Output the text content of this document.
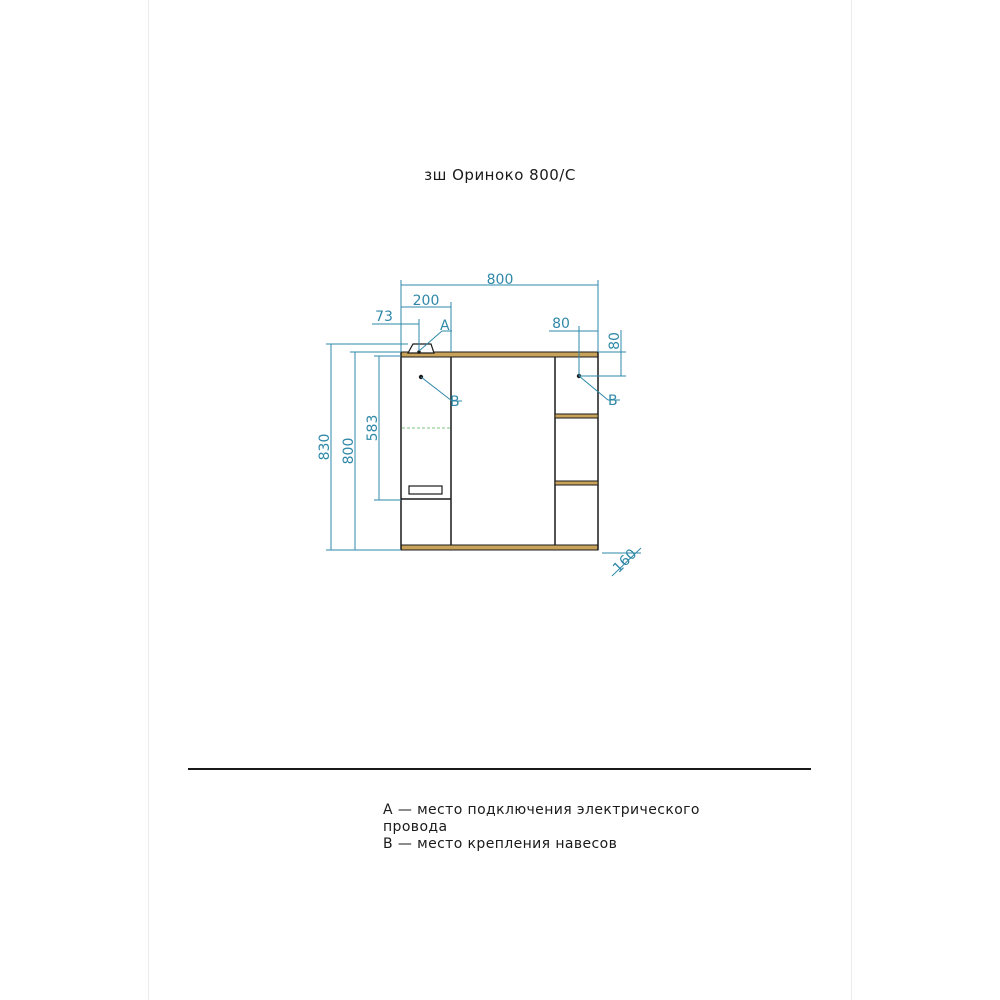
зш Ориноко 800/С
800
200
73
A	80
80
B	B
830 800
583
160
А — место подключения электрического
провода
В — место крепления навесов
